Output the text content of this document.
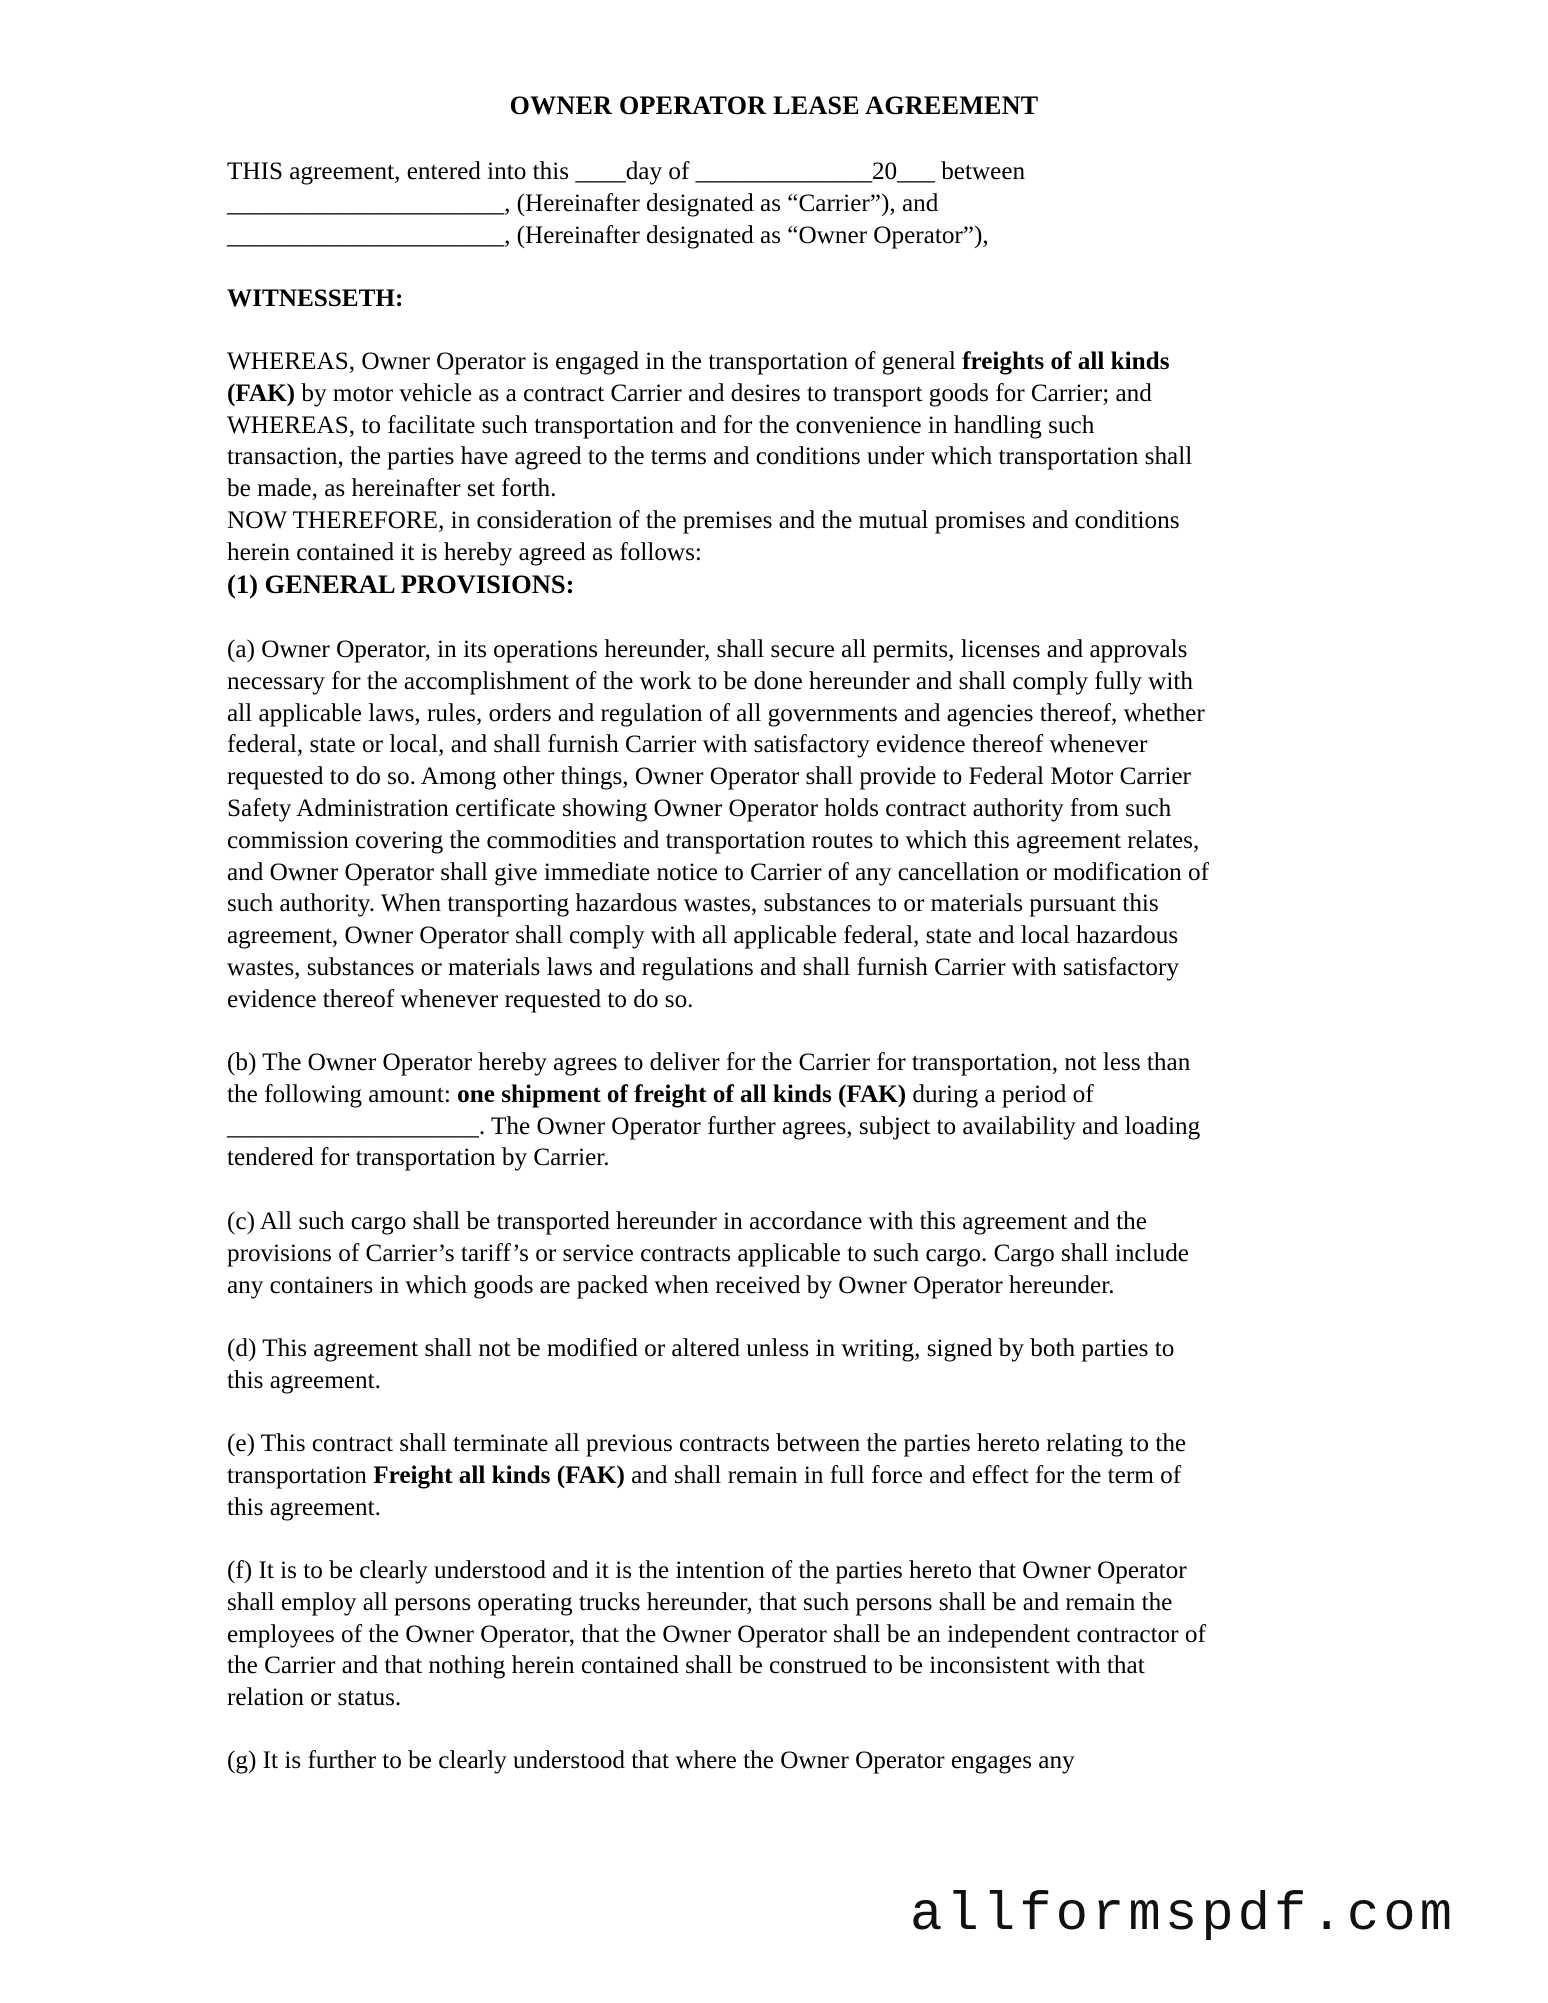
OWNER OPERATOR LEASE AGREEMENT
THIS agreement, entered into this ____day of ______________20___ between
______________________, (Hereinafter designated as “Carrier”), and
______________________, (Hereinafter designated as “Owner Operator”),
WITNESSETH:
WHEREAS, Owner Operator is engaged in the transportation of general freights of all kinds
(FAK) by motor vehicle as a contract Carrier and desires to transport goods for Carrier; and
WHEREAS, to facilitate such transportation and for the convenience in handling such
transaction, the parties have agreed to the terms and conditions under which transportation shall
be made, as hereinafter set forth.
NOW THEREFORE, in consideration of the premises and the mutual promises and conditions
herein contained it is hereby agreed as follows:
(1) GENERAL PROVISIONS:
(a) Owner Operator, in its operations hereunder, shall secure all permits, licenses and approvals
necessary for the accomplishment of the work to be done hereunder and shall comply fully with
all applicable laws, rules, orders and regulation of all governments and agencies thereof, whether
federal, state or local, and shall furnish Carrier with satisfactory evidence thereof whenever
requested to do so. Among other things, Owner Operator shall provide to Federal Motor Carrier
Safety Administration certificate showing Owner Operator holds contract authority from such
commission covering the commodities and transportation routes to which this agreement relates,
and Owner Operator shall give immediate notice to Carrier of any cancellation or modification of
such authority. When transporting hazardous wastes, substances to or materials pursuant this
agreement, Owner Operator shall comply with all applicable federal, state and local hazardous
wastes, substances or materials laws and regulations and shall furnish Carrier with satisfactory
evidence thereof whenever requested to do so.
(b) The Owner Operator hereby agrees to deliver for the Carrier for transportation, not less than
the following amount: one shipment of freight of all kinds (FAK) during a period of
____________________. The Owner Operator further agrees, subject to availability and loading
tendered for transportation by Carrier.
(c) All such cargo shall be transported hereunder in accordance with this agreement and the
provisions of Carrier’s tariff’s or service contracts applicable to such cargo. Cargo shall include
any containers in which goods are packed when received by Owner Operator hereunder.
(d) This agreement shall not be modified or altered unless in writing, signed by both parties to
this agreement.
(e) This contract shall terminate all previous contracts between the parties hereto relating to the
transportation Freight all kinds (FAK) and shall remain in full force and effect for the term of
this agreement.
(f) It is to be clearly understood and it is the intention of the parties hereto that Owner Operator
shall employ all persons operating trucks hereunder, that such persons shall be and remain the
employees of the Owner Operator, that the Owner Operator shall be an independent contractor of
the Carrier and that nothing herein contained shall be construed to be inconsistent with that
relation or status.
(g) It is further to be clearly understood that where the Owner Operator engages any
allformspdf.com
